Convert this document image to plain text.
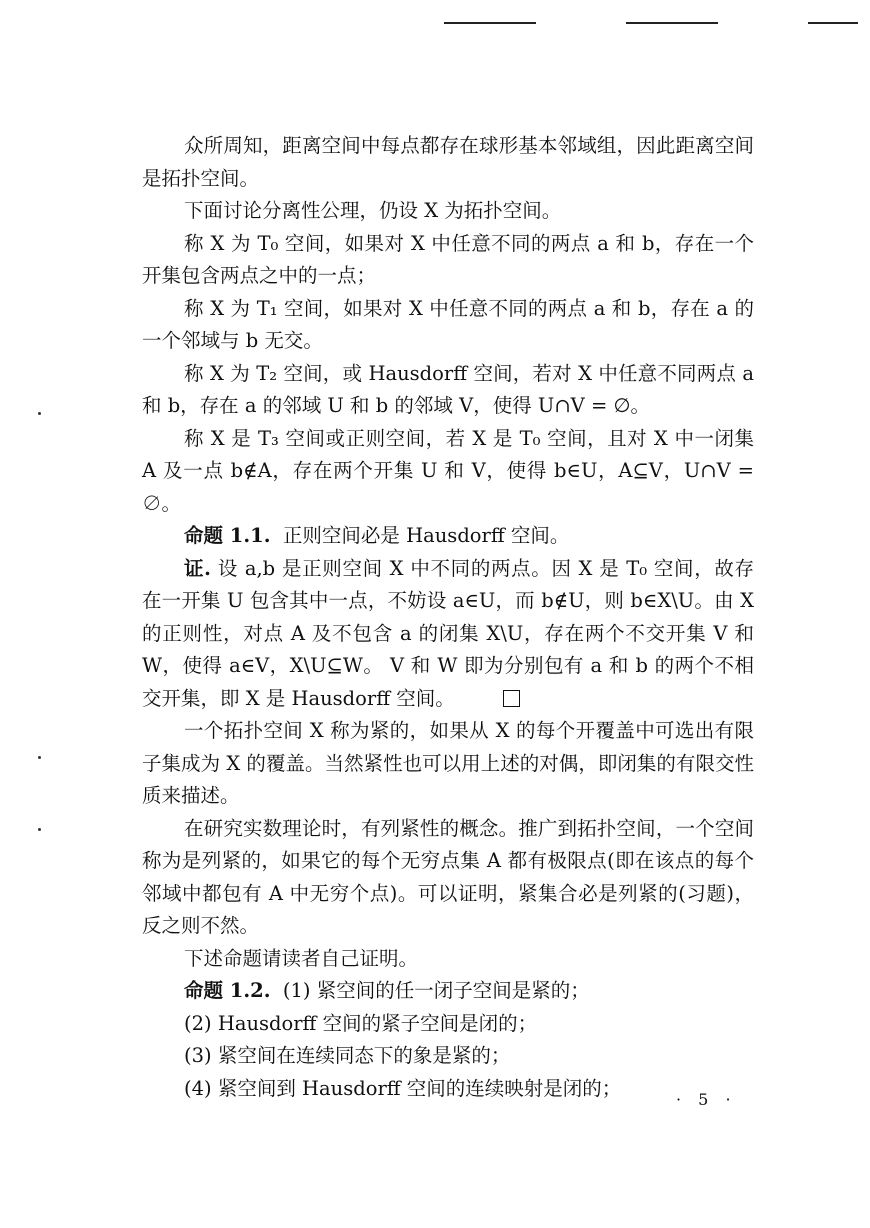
众所周知，距离空间中每点都存在球形基本邻域组，因此距离空间是拓扑空间。

下面讨论分离性公理，仍设 X 为拓扑空间。

称 X 为 T₀ 空间，如果对 X 中任意不同的两点 a 和 b，存在一个开集包含两点之中的一点；

称 X 为 T₁ 空间，如果对 X 中任意不同的两点 a 和 b，存在 a 的一个邻域与 b 无交。

称 X 为 T₂ 空间，或 Hausdorff 空间，若对 X 中任意不同两点 a 和 b，存在 a 的邻域 U 和 b 的邻域 V，使得 U∩V = ∅。

称 X 是 T₃ 空间或正则空间，若 X 是 T₀ 空间，且对 X 中一闭集 A 及一点 b∉A，存在两个开集 U 和 V，使得 b∈U，A⊆V，U∩V = ∅。

命题 1.1. 正则空间必是 Hausdorff 空间。

证. 设 a,b 是正则空间 X 中不同的两点。因 X 是 T₀ 空间，故存在一开集 U 包含其中一点，不妨设 a∈U，而 b∉U，则 b∈X\U。由 X 的正则性，对点 A 及不包含 a 的闭集 X\U，存在两个不交开集 V 和 W，使得 a∈V，X\U⊆W。 V 和 W 即为分别包有 a 和 b 的两个不相交开集，即 X 是 Hausdorff 空间。

一个拓扑空间 X 称为紧的，如果从 X 的每个开覆盖中可选出有限子集成为 X 的覆盖。当然紧性也可以用上述的对偶，即闭集的有限交性质来描述。

在研究实数理论时，有列紧性的概念。推广到拓扑空间，一个空间称为是列紧的，如果它的每个无穷点集 A 都有极限点(即在该点的每个邻域中都包有 A 中无穷个点)。可以证明，紧集合必是列紧的(习题)，反之则不然。

下述命题请读者自己证明。

命题 1.2. (1) 紧空间的任一闭子空间是紧的；

(2) Hausdorff 空间的紧子空间是闭的；

(3) 紧空间在连续同态下的象是紧的；

(4) 紧空间到 Hausdorff 空间的连续映射是闭的；	· 5 ·
